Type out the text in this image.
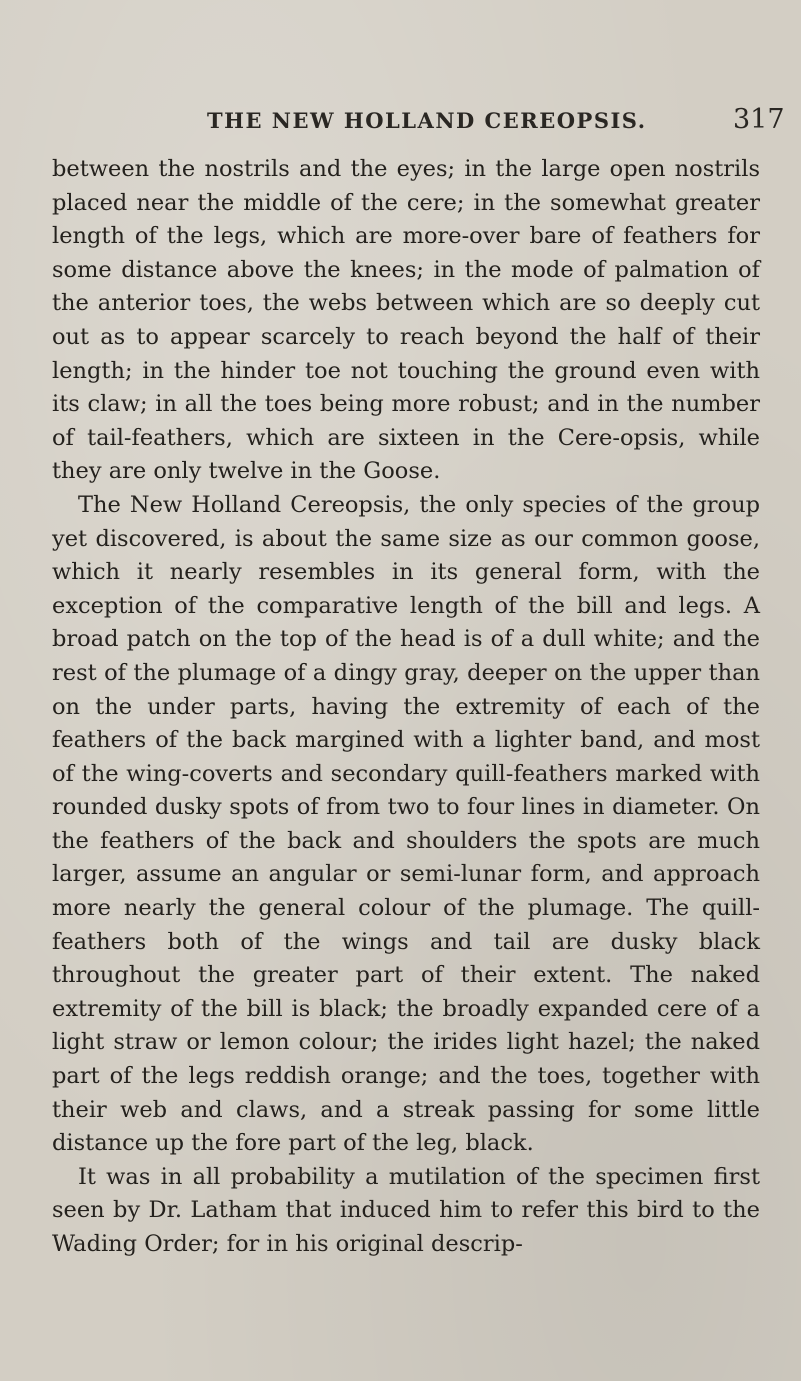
THE NEW HOLLAND CEREOPSIS.	317

between the nostrils and the eyes; in the large open nostrils placed near the middle of the cere; in the somewhat greater length of the legs, which are more-over bare of feathers for some distance above the knees; in the mode of palmation of the anterior toes, the webs between which are so deeply cut out as to appear scarcely to reach beyond the half of their length; in the hinder toe not touching the ground even with its claw; in all the toes being more robust; and in the number of tail-feathers, which are sixteen in the Cere-opsis, while they are only twelve in the Goose.

The New Holland Cereopsis, the only species of the group yet discovered, is about the same size as our common goose, which it nearly resembles in its general form, with the exception of the comparative length of the bill and legs. A broad patch on the top of the head is of a dull white; and the rest of the plumage of a dingy gray, deeper on the upper than on the under parts, having the extremity of each of the feathers of the back margined with a lighter band, and most of the wing-coverts and secondary quill-feathers marked with rounded dusky spots of from two to four lines in diameter. On the feathers of the back and shoulders the spots are much larger, assume an angular or semi-lunar form, and approach more nearly the general colour of the plumage. The quill-feathers both of the wings and tail are dusky black throughout the greater part of their extent. The naked extremity of the bill is black; the broadly expanded cere of a light straw or lemon colour; the irides light hazel; the naked part of the legs reddish orange; and the toes, together with their web and claws, and a streak passing for some little distance up the fore part of the leg, black.

It was in all probability a mutilation of the specimen first seen by Dr. Latham that induced him to refer this bird to the Wading Order; for in his original descrip-
